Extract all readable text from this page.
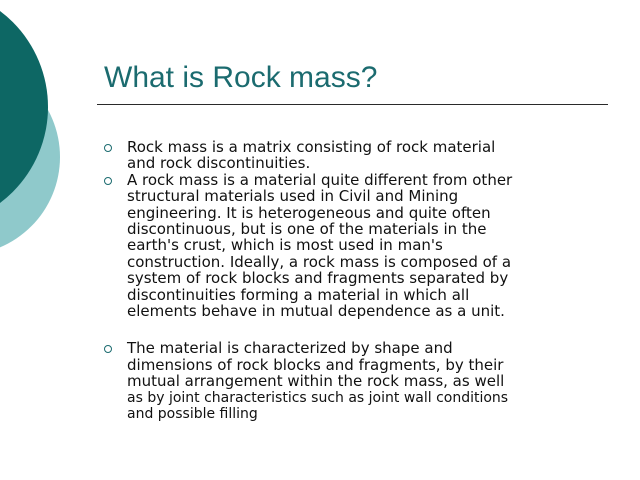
What is Rock mass?
Rock mass is a matrix consisting of rock material
and rock discontinuities.
A rock mass is a material quite different from other
structural materials used in Civil and Mining
engineering. It is heterogeneous and quite often
discontinuous, but is one of the materials in the
earth's crust, which is most used in man's
construction. Ideally, a rock mass is composed of a
system of rock blocks and fragments separated by
discontinuities forming a material in which all
elements behave in mutual dependence as a unit.
The material is characterized by shape and
dimensions of rock blocks and fragments, by their
mutual arrangement within the rock mass, as well
as by joint characteristics such as joint wall conditions
and possible filling
